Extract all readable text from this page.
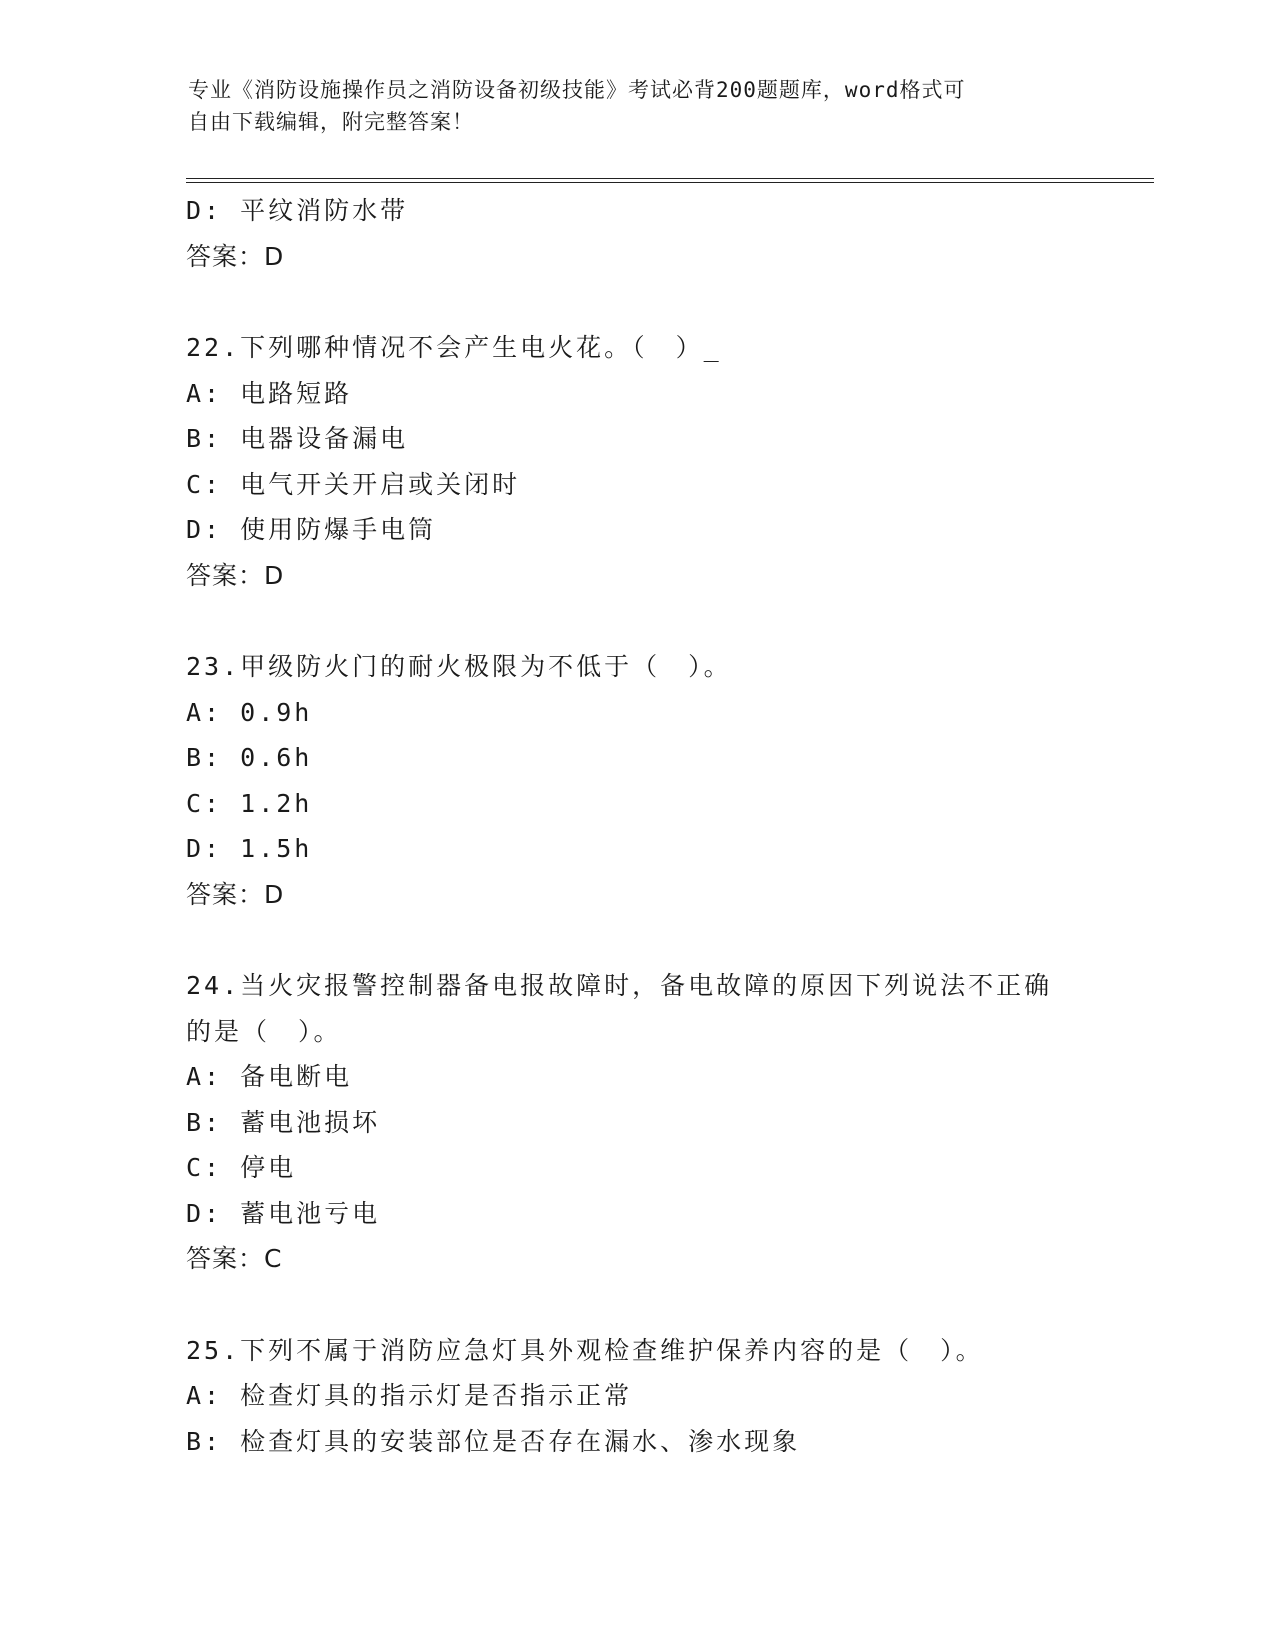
专业《消防设施操作员之消防设备初级技能》考试必背200题题库，word格式可
自由下载编辑，附完整答案！
D: 平纹消防水带
答案：D
22.下列哪种情况不会产生电火花。（　）_
A: 电路短路
B: 电器设备漏电
C: 电气开关开启或关闭时
D: 使用防爆手电筒
答案：D
23.甲级防火门的耐火极限为不低于（　）。
A: 0.9h
B: 0.6h
C: 1.2h
D: 1.5h
答案：D
24.当火灾报警控制器备电报故障时，备电故障的原因下列说法不正确
的是（　）。
A: 备电断电
B: 蓄电池损坏
C: 停电
D: 蓄电池亏电
答案：C
25.下列不属于消防应急灯具外观检查维护保养内容的是（　）。
A: 检查灯具的指示灯是否指示正常
B: 检查灯具的安装部位是否存在漏水、渗水现象
